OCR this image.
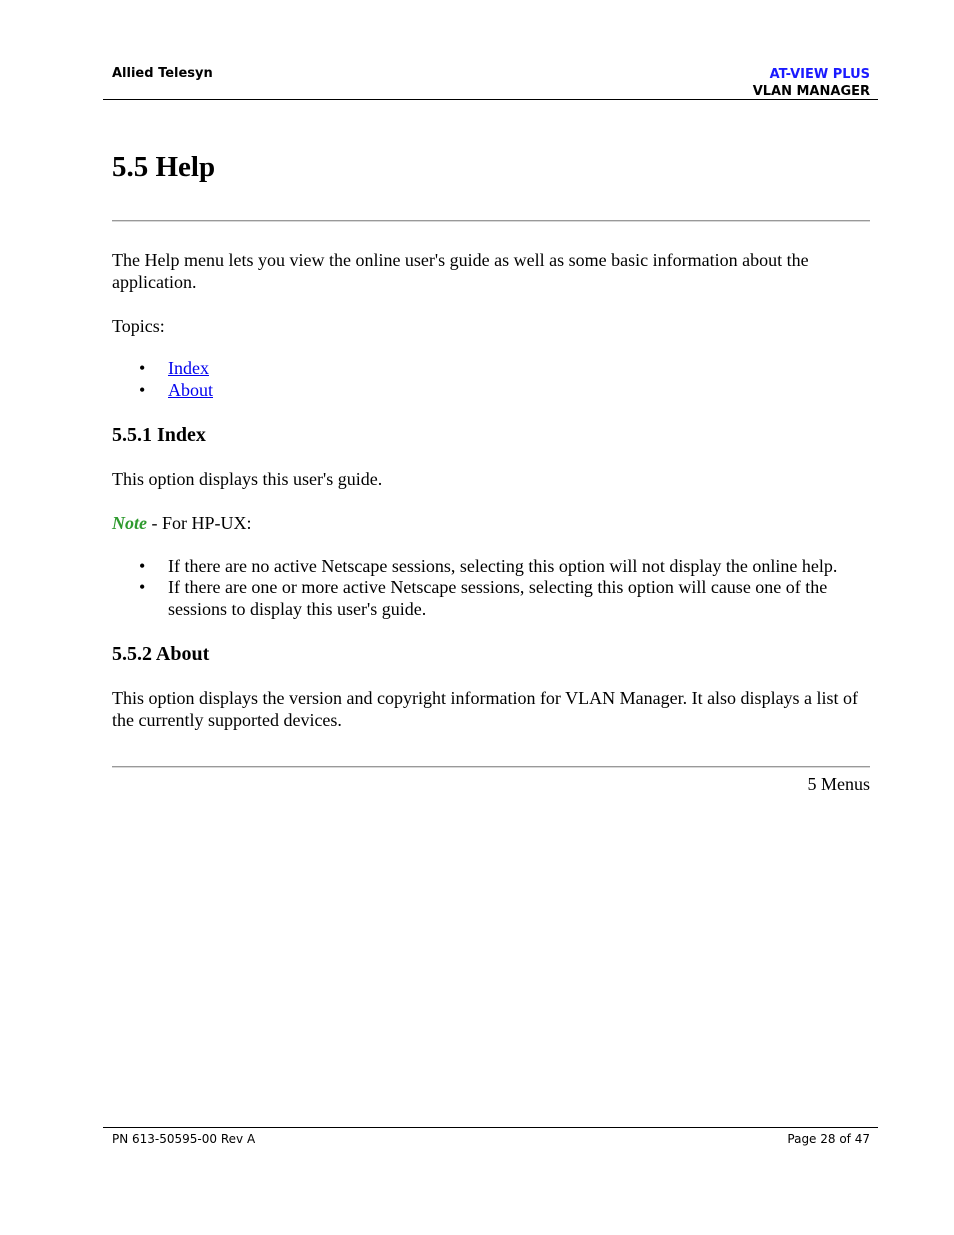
Allied Telesyn	AT-VIEW PLUS
VLAN MANAGER
5.5 Help

The Help menu lets you view the online user's guide as well as some basic information about the application.

Topics:

• Index
• About
5.5.1 Index

This option displays this user's guide.

Note - For HP-UX:

• If there are no active Netscape sessions, selecting this option will not display the online help.
• If there are one or more active Netscape sessions, selecting this option will cause one of the sessions to display this user's guide.
5.5.2 About

This option displays the version and copyright information for VLAN Manager. It also displays a list of the currently supported devices.

5 Menus
PN 613-50595-00 Rev A	Page 28 of 47
